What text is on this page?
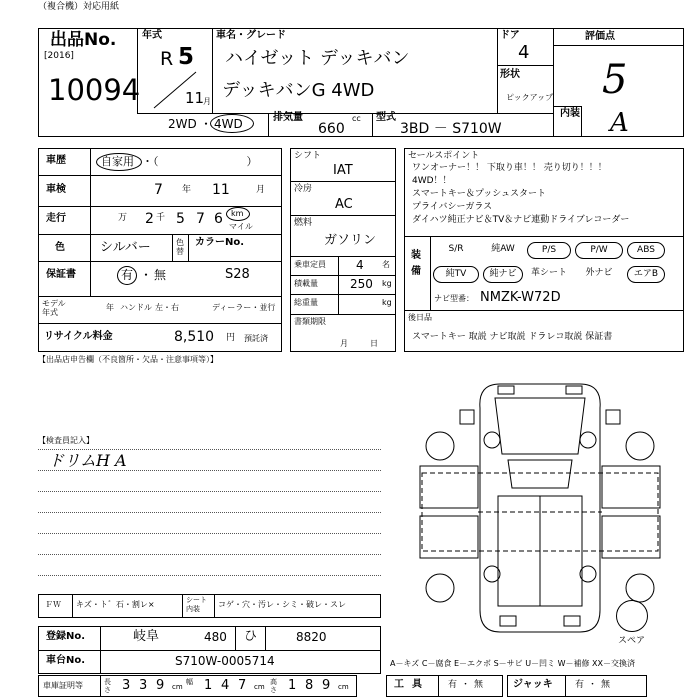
（複合機）対応用紙
出品No.
[2016]
10094
年式
R 5
11
月
車名・グレード
ハイゼット デッキバン
デッキバンG 4WD
ドア
4
形状
ピックアップ
評価点
5
内装 A
2WD ・ 4WD	排気量
660
cc 型式
3BD － S710W
車歴	自家用 ・（　　　　　　　　）
車検	7 年 11	月
走行	万 2 千 5 7 6 km
マイル
色	シルバー	色替
カラーNo.
保証書	有 ・ 無	S28
モデル年式
年 ハンドル 左・右	ディーラー・並行
リサイクル料金	8,510 円 預託済
シフト
IAT
冷房
AC
燃料
ガソリン
乗車定員	4 名
積載量	250 kg
総重量	kg
書類期限
月日
セールスポイント
ワンオーナー！！ 下取り車！！ 売り切り！！！
4WD！！
スマートキー＆プッシュスタート
プライバシーガラス
ダイハツ純正ナビ＆TV＆ナビ連動ドライブレコーダー
装備
S/R	純AW	P/S	P/W	ABS
純TV	純ナビ	革シート	外ナビ	エアB
ナビ型番： NMZK-W72D
後日品
スマートキー 取説 ナビ取説 ドラレコ取説 保証書
【出品店申告欄（不良箇所・欠品・注意事項等）】
【検査員記入】
ドリムH A
ＦＷ キズ・ト゛石・割レ×	シート内装	コゲ・穴・汚レ・シミ・破レ・スレ
登録No.	岐阜	480 ひ	8820
車台No.	S710W-0005714
車庫証明等	長さ 3 3 9 cm
幅 1 4 7 cm
高さ 1 8 9 cm
A－キズ C－腐食 E－エクボ S－サビ U－凹ミ W－補修 XX－交換済
工具 有・無	ジャッキ 有・無
スペア
